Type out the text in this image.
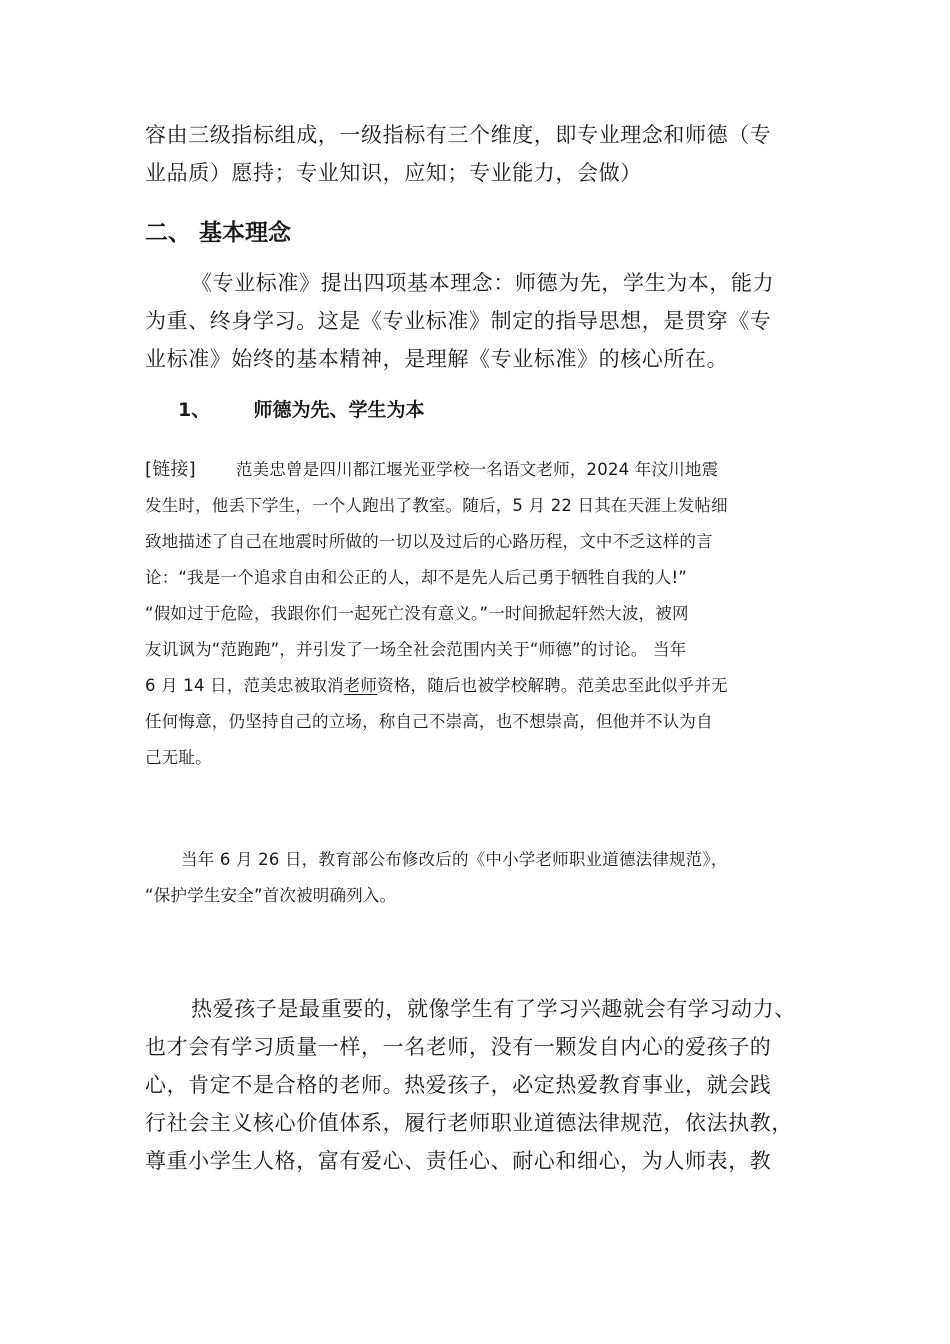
容由三级指标组成，一级指标有三个维度，即专业理念和师德（专
业品质）愿持；专业知识，应知；专业能力，会做）
二、 基本理念
《专业标准》提出四项基本理念：师德为先，学生为本，能力
为重、终身学习。这是《专业标准》制定的指导思想，是贯穿《专
业标准》始终的基本精神，是理解《专业标准》的核心所在。
1、 师德为先、学生为本
[链接] 范美忠曾是四川都江堰光亚学校一名语文老师，2024 年汶川地震
发生时，他丢下学生，一个人跑出了教室。随后，5 月 22 日其在天涯上发帖细
致地描述了自己在地震时所做的一切以及过后的心路历程，文中不乏这样的言
论：“我是一个追求自由和公正的人，却不是先人后己勇于牺牲自我的人!”
“假如过于危险，我跟你们一起死亡没有意义。”一时间掀起轩然大波，被网
友讥讽为“范跑跑”，并引发了一场全社会范围内关于“师德”的讨论。 当年
6 月 14 日，范美忠被取消老师资格，随后也被学校解聘。范美忠至此似乎并无
任何悔意，仍坚持自己的立场，称自己不崇高，也不想崇高，但他并不认为自
己无耻。
当年 6 月 26 日，教育部公布修改后的《中小学老师职业道德法律规范》，
“保护学生安全”首次被明确列入。
热爱孩子是最重要的，就像学生有了学习兴趣就会有学习动力、
也才会有学习质量一样，一名老师，没有一颗发自内心的爱孩子的
心，肯定不是合格的老师。热爱孩子，必定热爱教育事业，就会践
行社会主义核心价值体系，履行老师职业道德法律规范，依法执教，
尊重小学生人格，富有爱心、责任心、耐心和细心，为人师表，教
